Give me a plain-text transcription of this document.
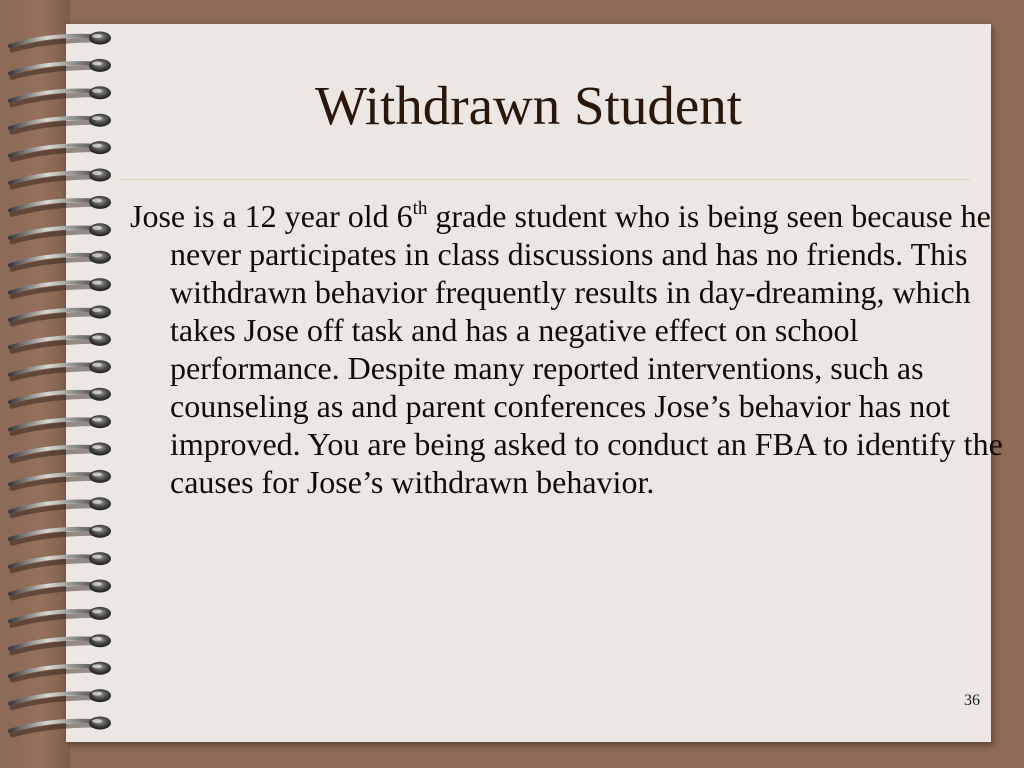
Withdrawn Student

Jose is a 12 year old 6th grade student who is being seen because he never participates in class discussions and has no friends. This withdrawn behavior frequently results in day-dreaming, which takes Jose off task and has a negative effect on school performance. Despite many reported interventions, such as counseling as and parent conferences Jose’s behavior has not improved. You are being asked to conduct an FBA to identify the causes for Jose’s withdrawn behavior.

36
